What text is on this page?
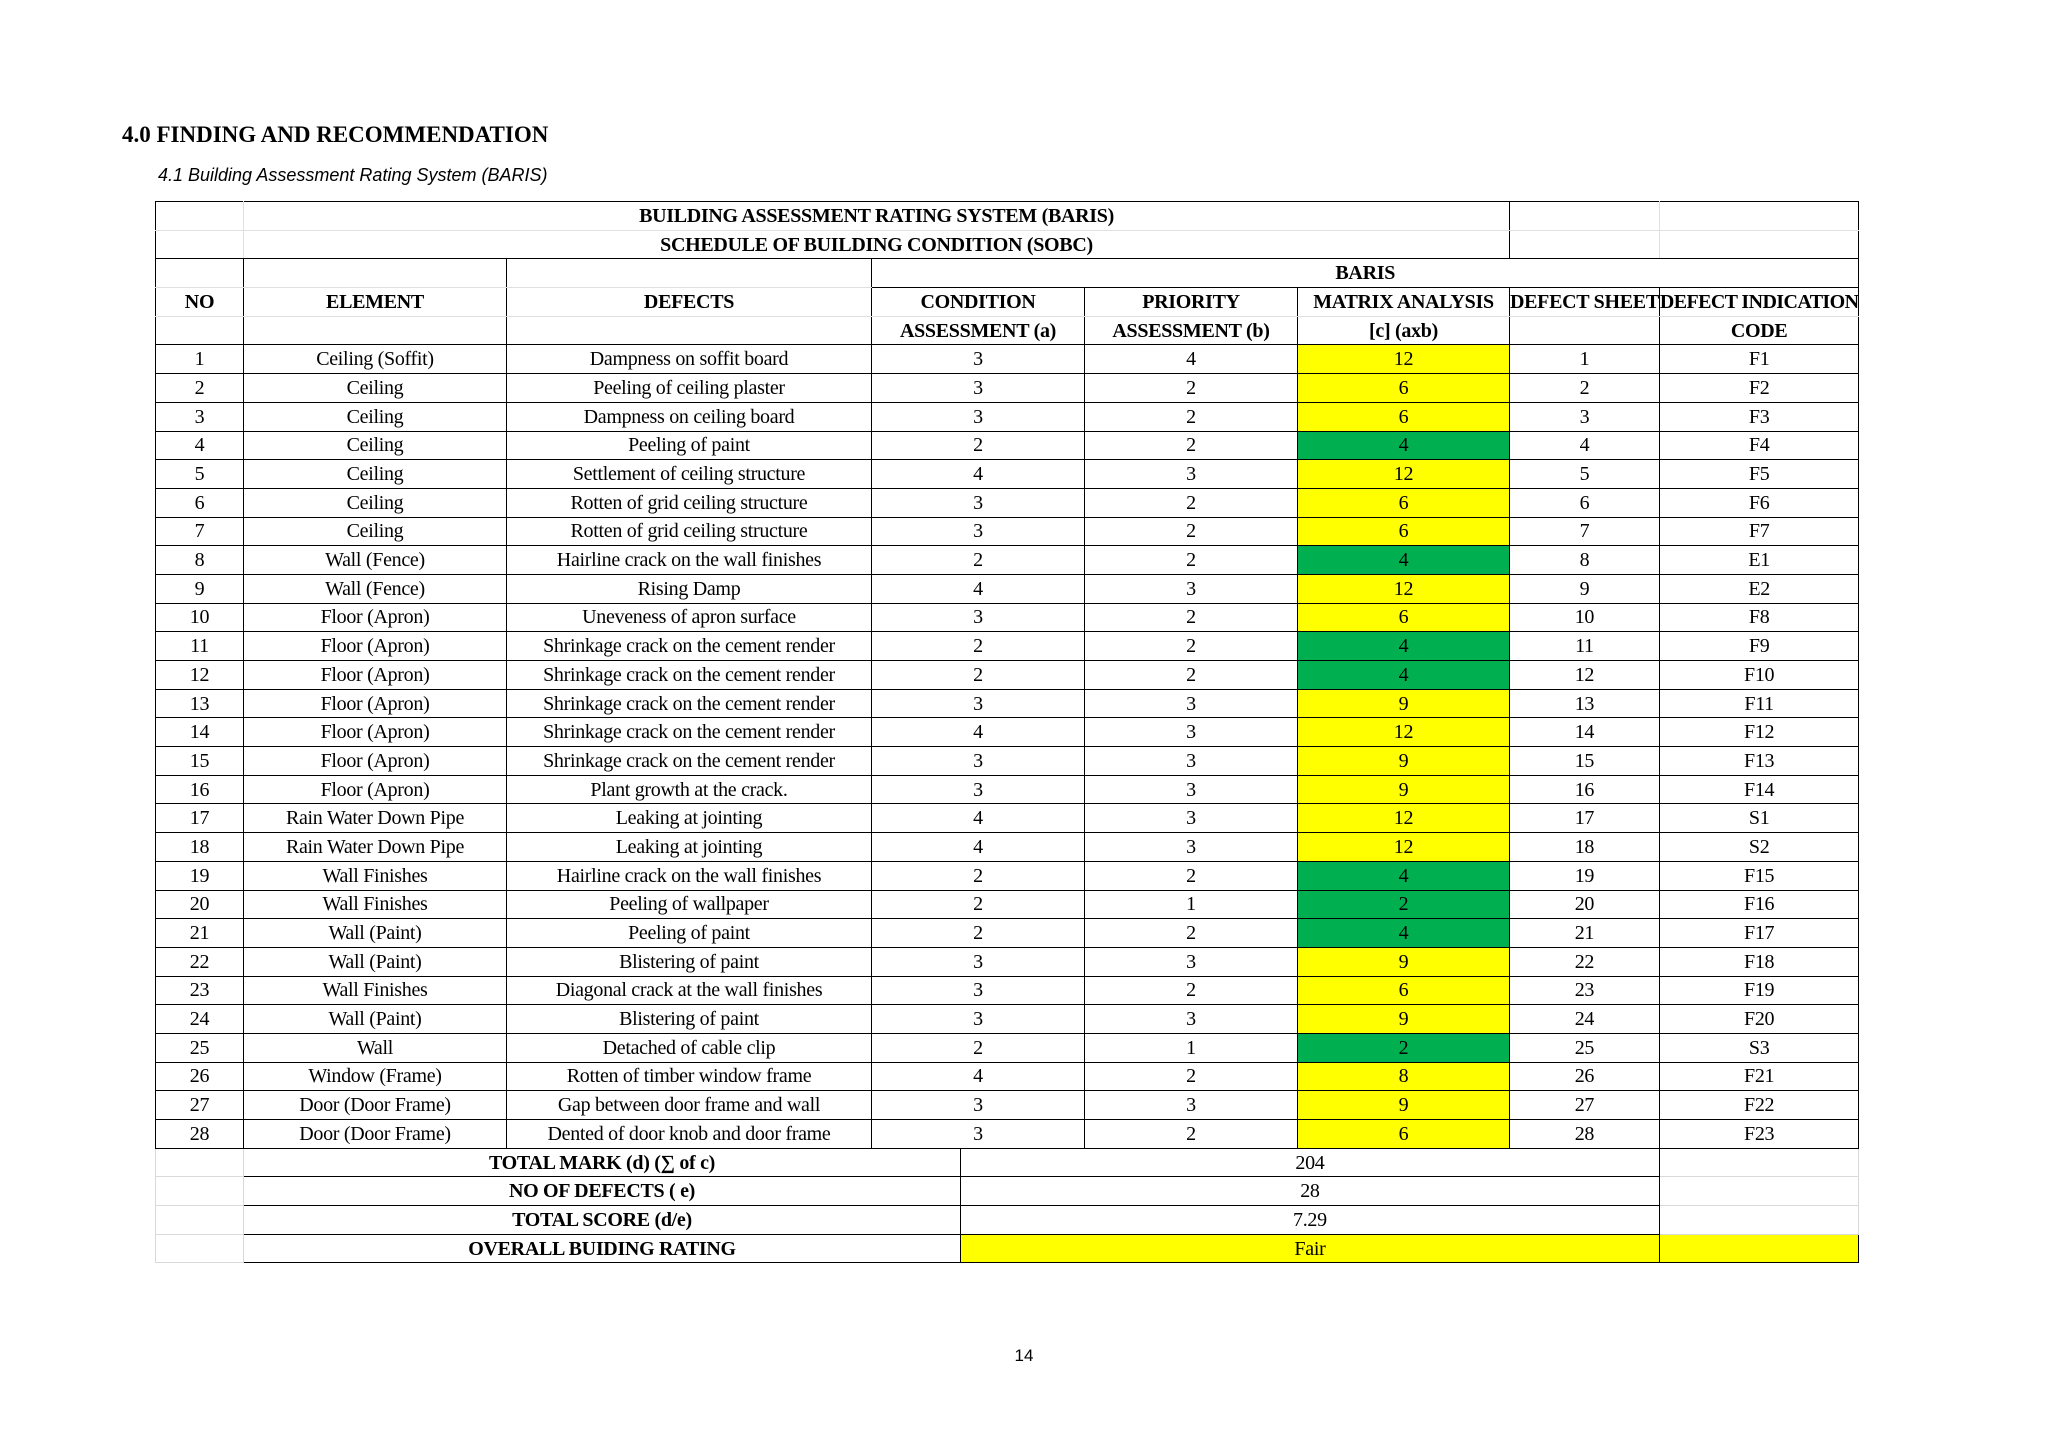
4.0 FINDING AND RECOMMENDATION
4.1 Building Assessment Rating System (BARIS)
	BUILDING ASSESSMENT RATING SYSTEM (BARIS)							
	SCHEDULE OF BUILDING CONDITION (SOBC)							
			BARIS					
NO	ELEMENT	DEFECTS	CONDITION		PRIORITY	MATRIX ANALYSIS	DEFECT SHEET	DEFECT INDICATION
			ASSESSMENT (a)		ASSESSMENT (b)	[c] (axb)		CODE
1	Ceiling (Soffit)	Dampness on soffit board	3		4	12	1	F1
2	Ceiling	Peeling of ceiling plaster	3		2	6	2	F2
3	Ceiling	Dampness on ceiling board	3		2	6	3	F3
4	Ceiling	Peeling of paint	2		2	4	4	F4
5	Ceiling	Settlement of ceiling structure	4		3	12	5	F5
6	Ceiling	Rotten of grid ceiling structure	3		2	6	6	F6
7	Ceiling	Rotten of grid ceiling structure	3		2	6	7	F7
8	Wall (Fence)	Hairline crack on the wall finishes	2		2	4	8	E1
9	Wall (Fence)	Rising Damp	4		3	12	9	E2
10	Floor (Apron)	Uneveness of apron surface	3		2	6	10	F8
11	Floor (Apron)	Shrinkage crack on the cement render	2		2	4	11	F9
12	Floor (Apron)	Shrinkage crack on the cement render	2		2	4	12	F10
13	Floor (Apron)	Shrinkage crack on the cement render	3		3	9	13	F11
14	Floor (Apron)	Shrinkage crack on the cement render	4		3	12	14	F12
15	Floor (Apron)	Shrinkage crack on the cement render	3		3	9	15	F13
16	Floor (Apron)	Plant growth at the crack.	3		3	9	16	F14
17	Rain Water Down Pipe	Leaking at jointing	4		3	12	17	S1
18	Rain Water Down Pipe	Leaking at jointing	4		3	12	18	S2
19	Wall Finishes	Hairline crack on the wall finishes	2		2	4	19	F15
20	Wall Finishes	Peeling of wallpaper	2		1	2	20	F16
21	Wall (Paint)	Peeling of paint	2		2	4	21	F17
22	Wall (Paint)	Blistering of paint	3		3	9	22	F18
23	Wall Finishes	Diagonal crack at the wall finishes	3		2	6	23	F19
24	Wall (Paint)	Blistering of paint	3		3	9	24	F20
25	Wall	Detached of cable clip	2		1	2	25	S3
26	Window (Frame)	Rotten of timber window frame	4		2	8	26	F21
27	Door (Door Frame)	Gap between door frame and wall	3		3	9	27	F22
28	Door (Door Frame)	Dented of door knob and door frame	3		2	6	28	F23
	TOTAL MARK (d) (∑ of c)			204				
	NO OF DEFECTS ( e)			28				
	TOTAL SCORE (d/e)			7.29				
	OVERALL BUIDING RATING			Fair				
14
